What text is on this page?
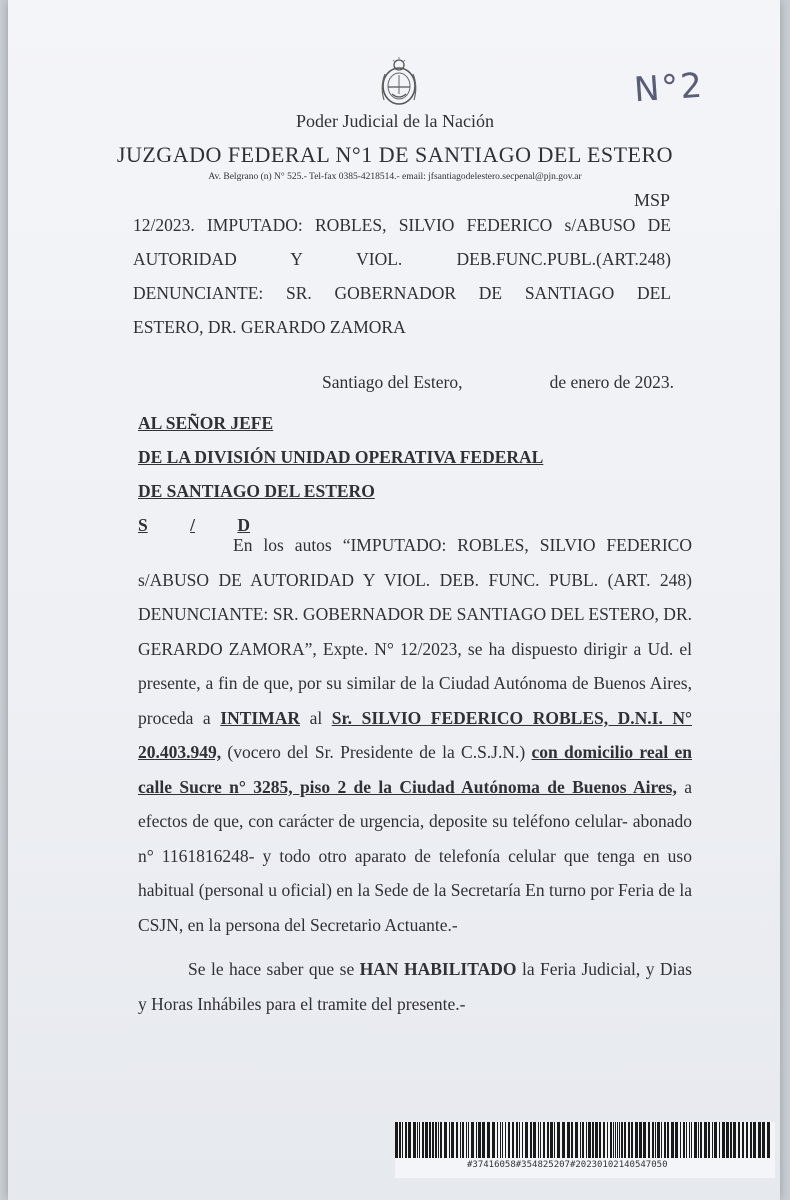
N°2
Poder Judicial de la Nación
JUZGADO FEDERAL N°1 DE SANTIAGO DEL ESTERO
Av. Belgrano (n) N° 525.- Tel-fax 0385-4218514.- email: jfsantiagodelestero.secpenal@pjn.gov.ar
MSP
12/2023. IMPUTADO: ROBLES, SILVIO FEDERICO s/ABUSO DE
AUTORIDAD Y VIOL. DEB.FUNC.PUBL.(ART.248)
DENUNCIANTE: SR. GOBERNADOR DE SANTIAGO DEL
ESTERO, DR. GERARDO ZAMORA
Santiago del Estero,	de enero de 2023.
AL SEÑOR JEFE
DE LA DIVISIÓN UNIDAD OPERATIVA FEDERAL
DE SANTIAGO DEL ESTERO
S / D

En los autos “IMPUTADO: ROBLES, SILVIO FEDERICO s/ABUSO DE AUTORIDAD Y VIOL. DEB. FUNC. PUBL. (ART. 248) DENUNCIANTE: SR. GOBERNADOR DE SANTIAGO DEL ESTERO, DR. GERARDO ZAMORA”, Expte. N° 12/2023, se ha dispuesto dirigir a Ud. el presente, a fin de que, por su similar de la Ciudad Autónoma de Buenos Aires, proceda a INTIMAR al Sr. SILVIO FEDERICO ROBLES, D.N.I. N° 20.403.949, (vocero del Sr. Presidente de la C.S.J.N.) con domicilio real en calle Sucre n° 3285, piso 2 de la Ciudad Autónoma de Buenos Aires, a efectos de que, con carácter de urgencia, deposite su teléfono celular- abonado n° 1161816248- y todo otro aparato de telefonía celular que tenga en uso habitual (personal u oficial) en la Sede de la Secretaría En turno por Feria de la CSJN, en la persona del Secretario Actuante.-

Se le hace saber que se HAN HABILITADO la Feria Judicial, y Dias y Horas Inhábiles para el tramite del presente.-

#37416058#354825207#20230102140547050
